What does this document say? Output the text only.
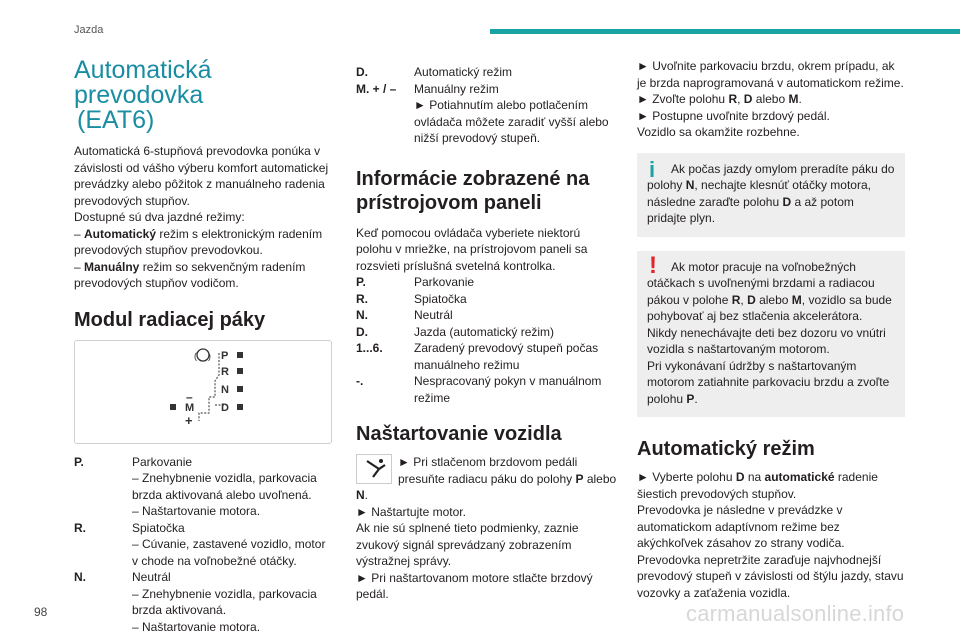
Jazda
Automatická prevodovka
(EAT6)

Automatická 6-stupňová prevodovka ponúka v závislosti od vášho výberu komfort automatickej prevádzky alebo pôžitok z manuálneho radenia prevodových stupňov.

Dostupné sú dva jazdné režimy:

– Automatický režim s elektronickým radením prevodových stupňov prevodovkou.

– Manuálny režim so sekvenčným radením prevodových stupňov vodičom.

Modul radiacej páky
( ) P
R
N
D
M
–
+
P.	Parkovanie

– Znehybnenie vozidla, parkovacia brzda aktivovaná alebo uvoľnená.

– Naštartovanie motora.

R.	Spiatočka

– Cúvanie, zastavené vozidlo, motor v chode na voľnobežné otáčky.

N.	Neutrál

– Znehybnenie vozidla, parkovacia brzda aktivovaná.

– Naštartovanie motora.

D.	Automatický režim
M. + / –	Manuálny režim

► Potiahnutím alebo potlačením ovládača môžete zaradiť vyšší alebo nižší prevodový stupeň.

Informácie zobrazené na prístrojovom paneli

Keď pomocou ovládača vyberiete niektorú polohu v mriežke, na prístrojovom paneli sa rozsvieti príslušná svetelná kontrolka.

P.	Parkovanie
R.	Spiatočka
N.	Neutrál
D.	Jazda (automatický režim)
1...6.	Zaradený prevodový stupeň počas manuálneho režimu
-.	Nespracovaný pokyn v manuálnom režime
Naštartovanie vozidla

► Pri stlačenom brzdovom pedáli presuňte radiacu páku do polohy P alebo N.

► Naštartujte motor.

Ak nie sú splnené tieto podmienky, zaznie zvukový signál sprevádzaný zobrazením výstražnej správy.

► Pri naštartovanom motore stlačte brzdový pedál.

► Uvoľnite parkovaciu brzdu, okrem prípadu, ak je brzda naprogramovaná v automatickom režime.

► Zvoľte polohu R, D alebo M.

► Postupne uvoľnite brzdový pedál.

Vozidlo sa okamžite rozbehne.

i	Ak počas jazdy omylom preradíte páku do polohy N, nechajte klesnúť otáčky motora, následne zaraďte polohu D a až potom pridajte plyn.

!	Ak motor pracuje na voľnobežných otáčkach s uvoľnenými brzdami a radiacou pákou v polohe R, D alebo M, vozidlo sa bude pohybovať aj bez stlačenia akcelerátora.

Nikdy nenechávajte deti bez dozoru vo vnútri vozidla s naštartovaným motorom.

Pri vykonávaní údržby s naštartovaným motorom zatiahnite parkovaciu brzdu a zvoľte polohu P.

Automatický režim

► Vyberte polohu D na automatické radenie šiestich prevodových stupňov.

Prevodovka je následne v prevádzke v automatickom adaptívnom režime bez akýchkoľvek zásahov zo strany vodiča.

Prevodovka nepretržite zaraďuje najvhodnejší prevodový stupeň v závislosti od štýlu jazdy, stavu vozovky a zaťaženia vozidla.

98	carmanualsonline.info
